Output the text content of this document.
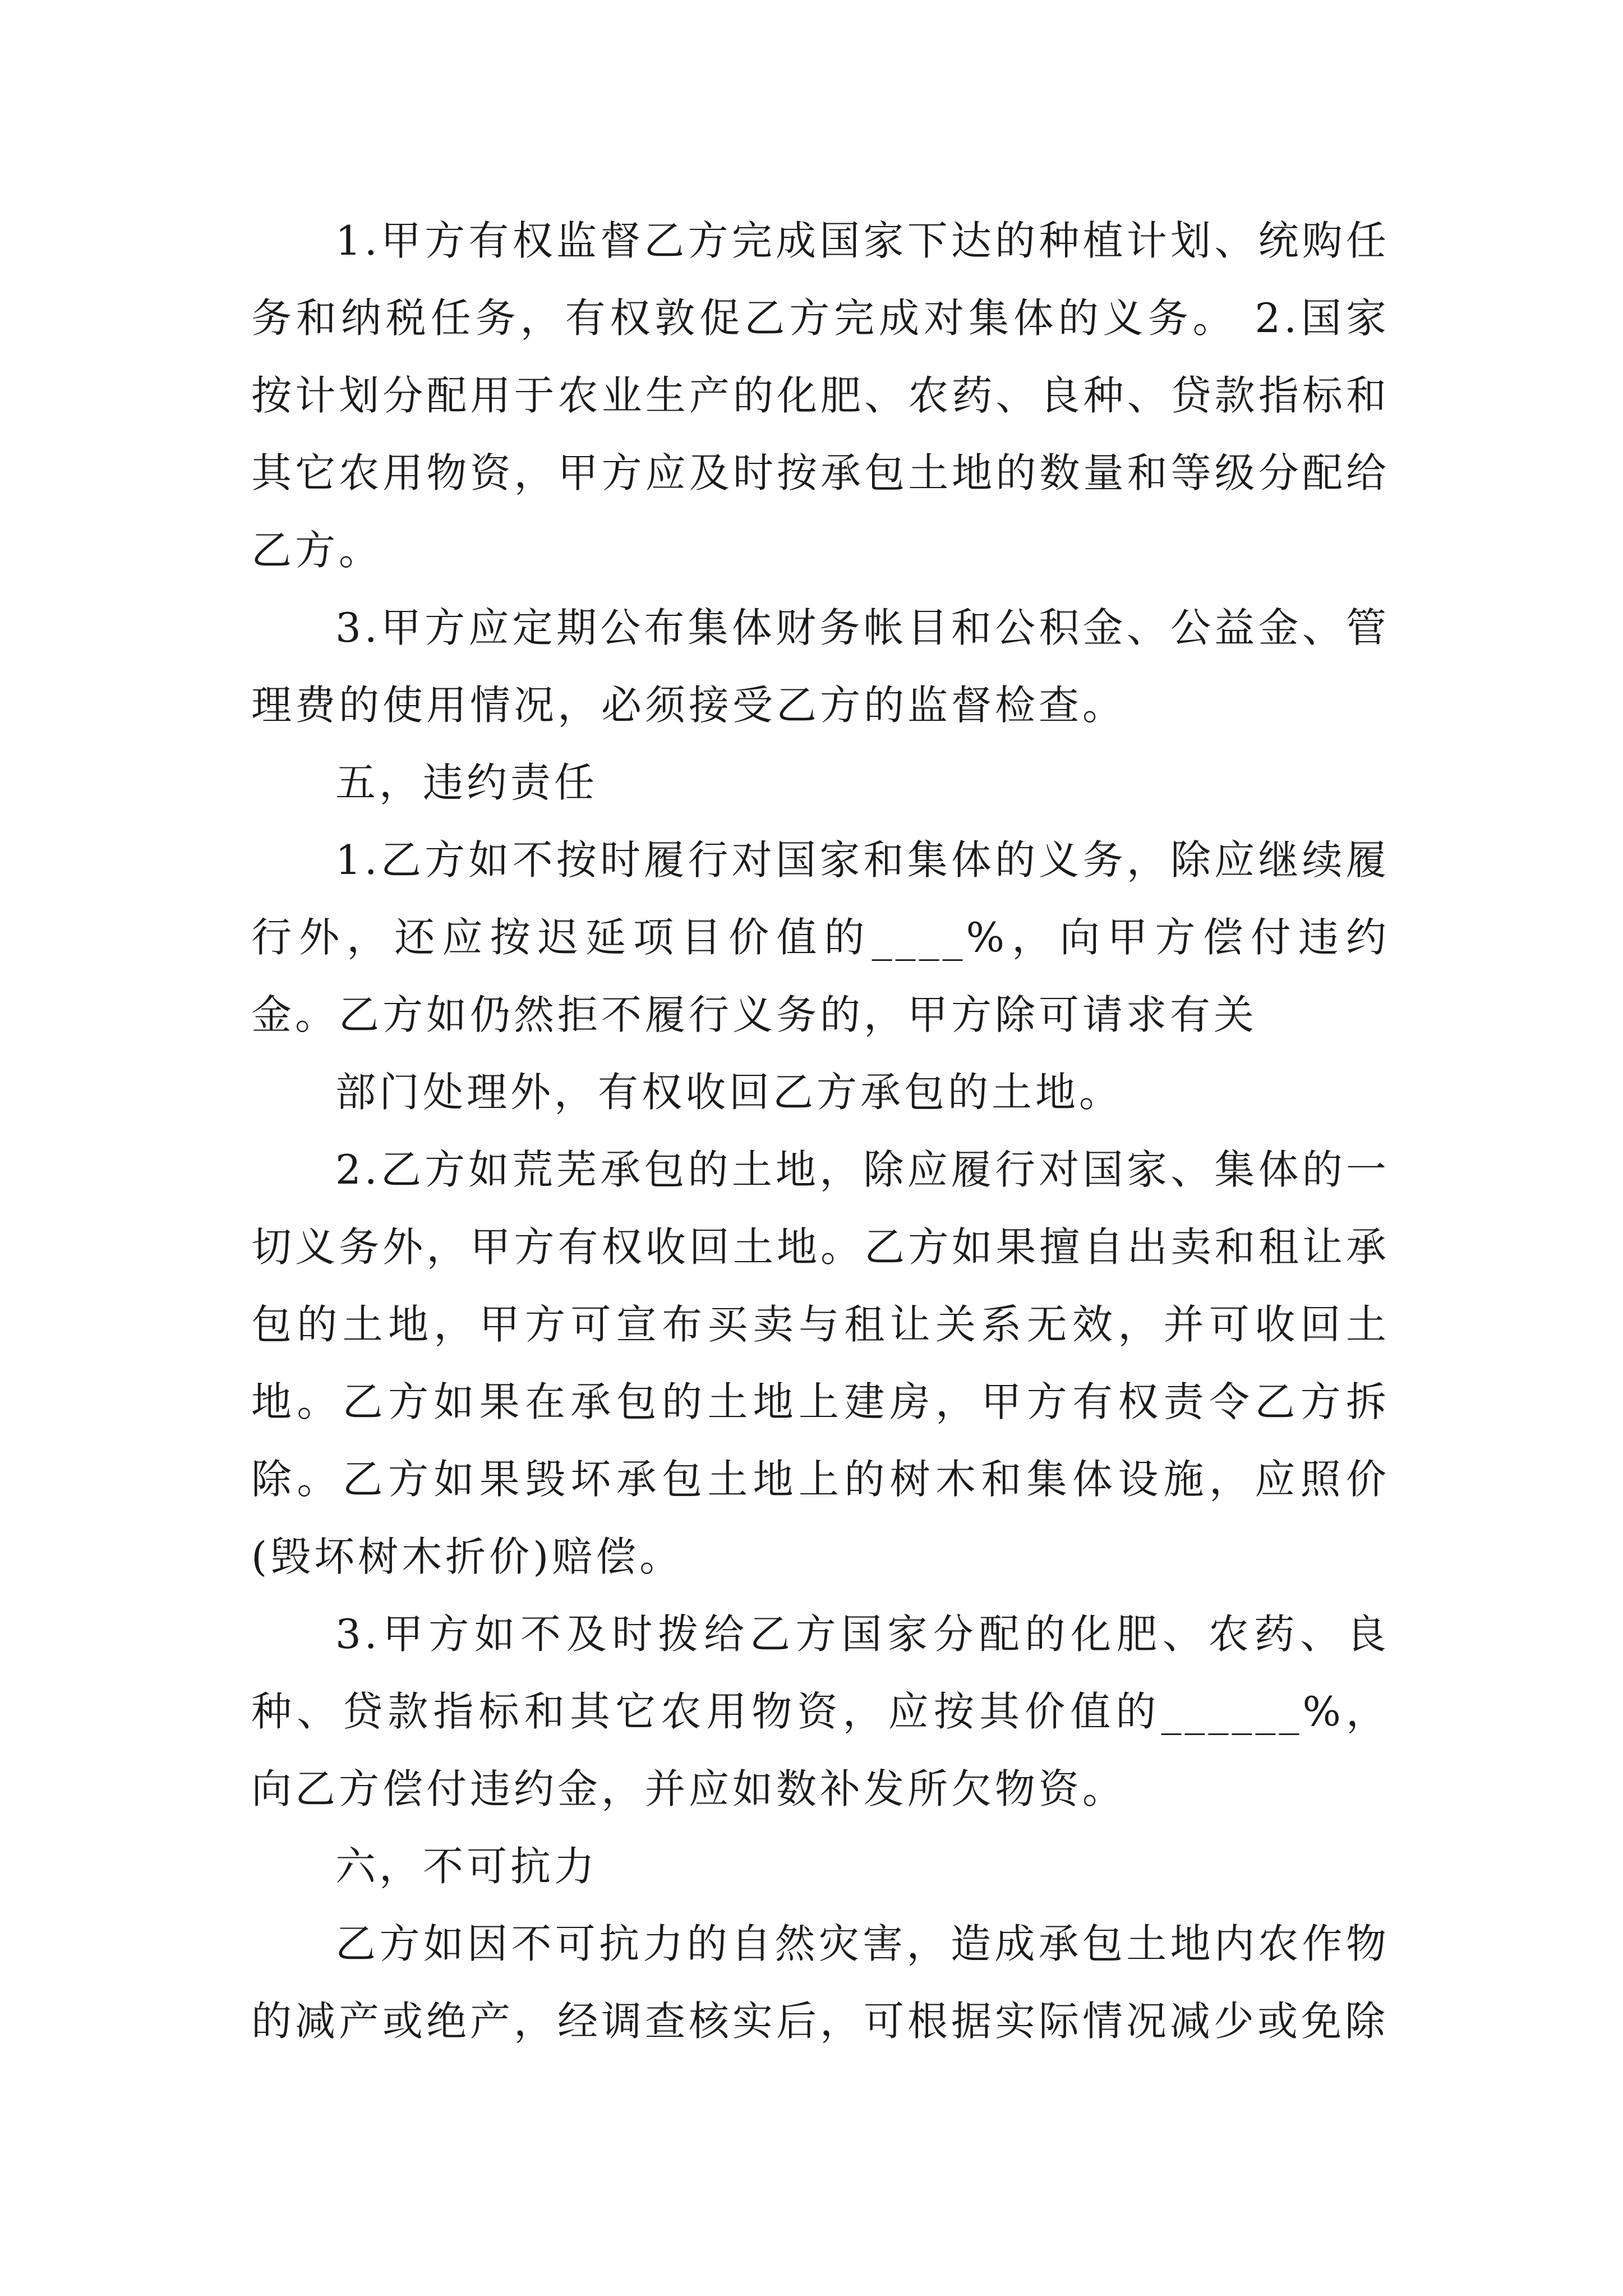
1.甲方有权监督乙方完成国家下达的种植计划、统购任务和纳税任务，有权敦促乙方完成对集体的义务。 2.国家按计划分配用于农业生产的化肥、农药、良种、贷款指标和其它农用物资，甲方应及时按承包土地的数量和等级分配给乙方。

3.甲方应定期公布集体财务帐目和公积金、公益金、管理费的使用情况，必须接受乙方的监督检查。

五，违约责任

1.乙方如不按时履行对国家和集体的义务，除应继续履行外，还应按迟延项目价值的____%，向甲方偿付违约金。乙方如仍然拒不履行义务的，甲方除可请求有关

部门处理外，有权收回乙方承包的土地。

2.乙方如荒芜承包的土地，除应履行对国家、集体的一切义务外，甲方有权收回土地。乙方如果擅自出卖和租让承包的土地，甲方可宣布买卖与租让关系无效，并可收回土地。乙方如果在承包的土地上建房，甲方有权责令乙方拆除。乙方如果毁坏承包土地上的树木和集体设施，应照价(毁坏树木折价)赔偿。

3.甲方如不及时拨给乙方国家分配的化肥、农药、良种、贷款指标和其它农用物资，应按其价值的______%，向乙方偿付违约金，并应如数补发所欠物资。

六，不可抗力

乙方如因不可抗力的自然灾害，造成承包土地内农作物的减产或绝产，经调查核实后，可根据实际情况减少或免除
